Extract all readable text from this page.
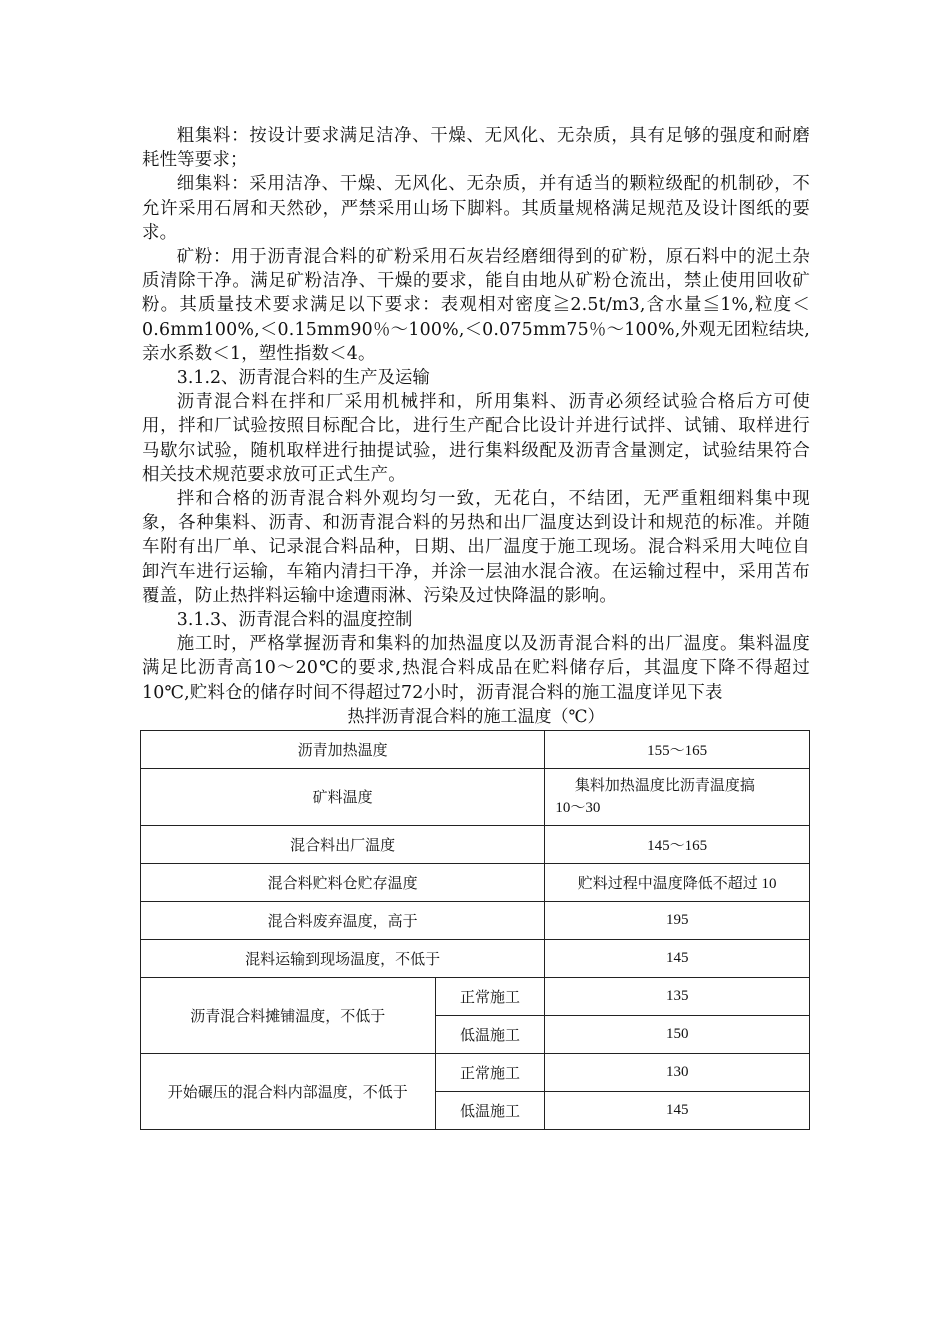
粗集料：按设计要求满足洁净、干燥、无风化、无杂质，具有足够的强度和耐磨耗性等要求；

细集料：采用洁净、干燥、无风化、无杂质，并有适当的颗粒级配的机制砂，不允许采用石屑和天然砂，严禁采用山场下脚料。其质量规格满足规范及设计图纸的要求。

矿粉：用于沥青混合料的矿粉采用石灰岩经磨细得到的矿粉，原石料中的泥土杂质清除干净。满足矿粉洁净、干燥的要求，能自由地从矿粉仓流出，禁止使用回收矿粉。其质量技术要求满足以下要求：表观相对密度≧2.5t/m3,含水量≦1%,粒度＜0.6mm100%,＜0.15mm90％～100%,＜0.075mm75％～100%,外观无团粒结块,亲水系数＜1，塑性指数＜4。

3.1.2、沥青混合料的生产及运输

沥青混合料在拌和厂采用机械拌和，所用集料、沥青必须经试验合格后方可使用，拌和厂试验按照目标配合比，进行生产配合比设计并进行试拌、试铺、取样进行马歇尔试验，随机取样进行抽提试验，进行集料级配及沥青含量测定，试验结果符合相关技术规范要求放可正式生产。

拌和合格的沥青混合料外观均匀一致，无花白，不结团，无严重粗细料集中现象，各种集料、沥青、和沥青混合料的另热和出厂温度达到设计和规范的标准。并随车附有出厂单、记录混合料品种，日期、出厂温度于施工现场。混合料采用大吨位自卸汽车进行运输，车箱内清扫干净，并涂一层油水混合液。在运输过程中，采用苫布覆盖，防止热拌料运输中途遭雨淋、污染及过快降温的影响。

3.1.3、沥青混合料的温度控制

施工时，严格掌握沥青和集料的加热温度以及沥青混合料的出厂温度。集料温度满足比沥青高10～20℃的要求,热混合料成品在贮料储存后，其温度下降不得超过10℃,贮料仓的储存时间不得超过72小时，沥青混合料的施工温度详见下表

热拌沥青混合料的施工温度（℃）
沥青加热温度		155～165
矿料温度		集料加热温度比沥青温度搞
10～30
混合料出厂温度		145～165
混合料贮料仓贮存温度		贮料过程中温度降低不超过 10
混合料废弃温度，高于		195
混料运输到现场温度，不低于		145
沥青混合料摊铺温度，不低于	正常施工	135
	低温施工	150
开始碾压的混合料内部温度，不低于	正常施工	130
	低温施工	145
